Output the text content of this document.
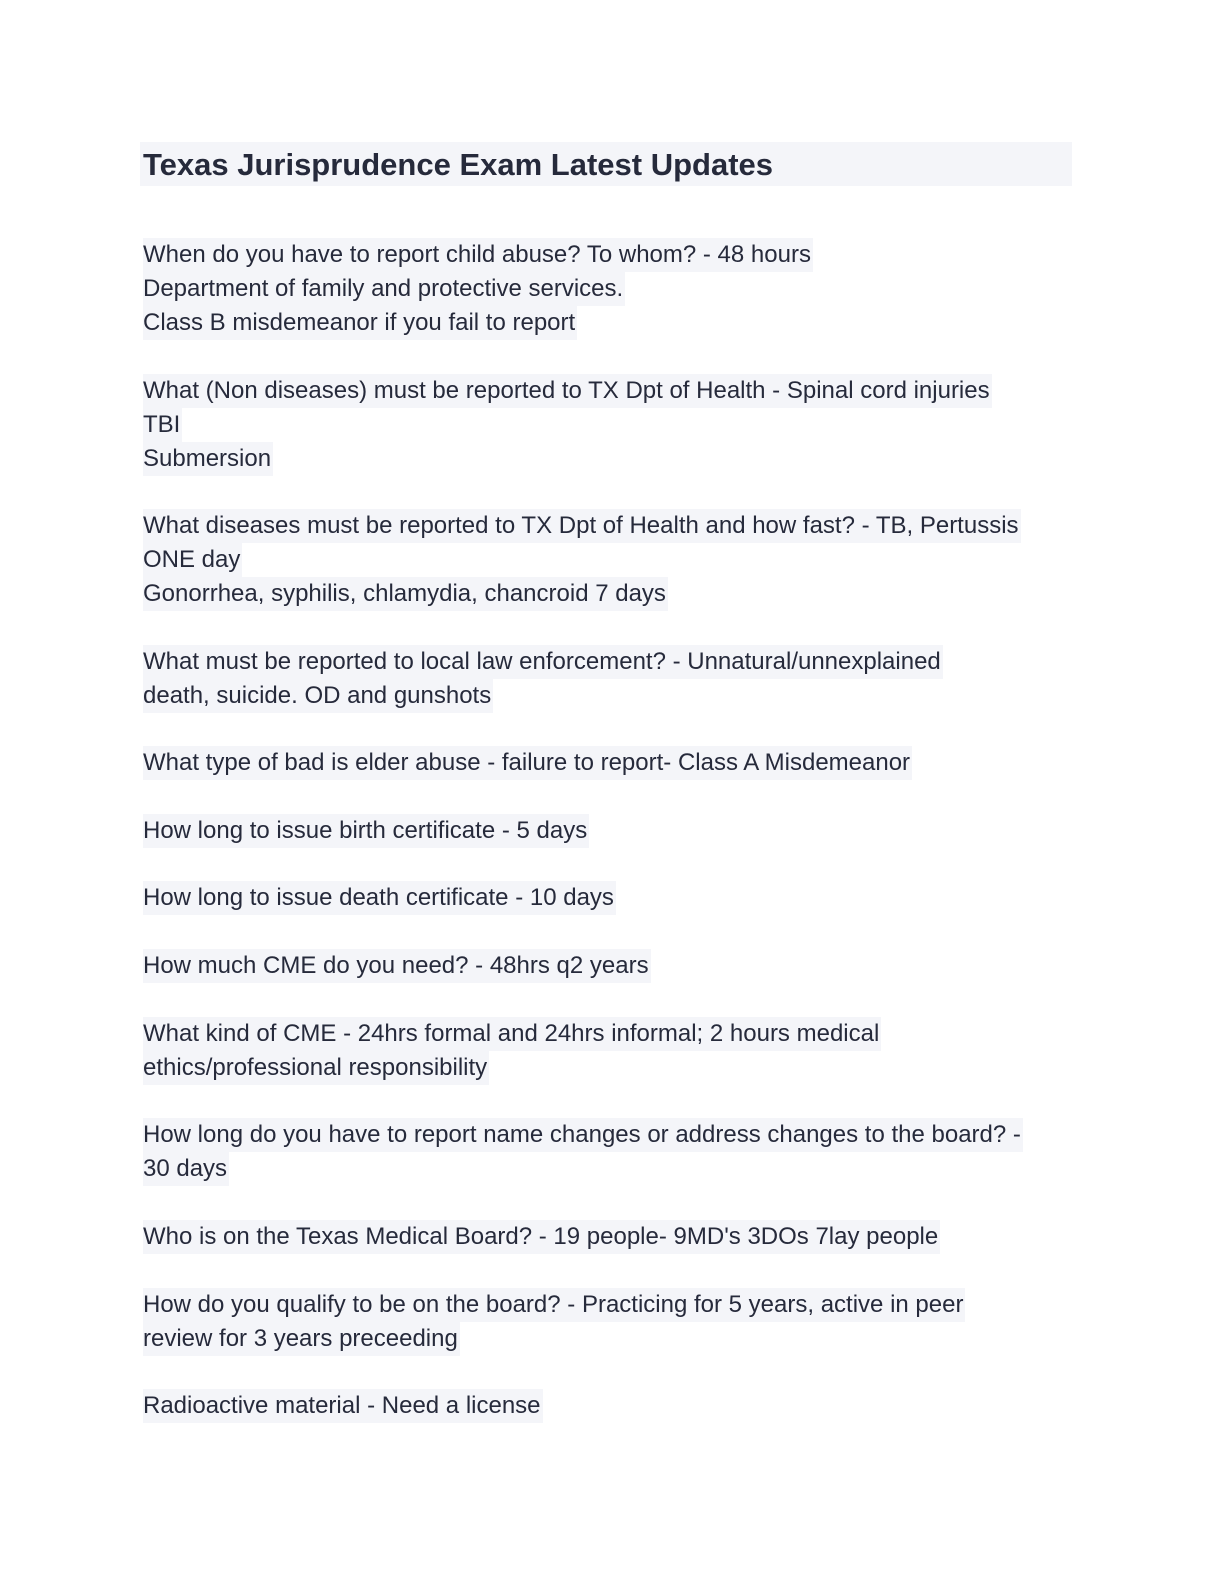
Texas Jurisprudence Exam Latest Updates
When do you have to report child abuse? To whom? - 48 hours
Department of family and protective services.
Class B misdemeanor if you fail to report
What (Non diseases) must be reported to TX Dpt of Health - Spinal cord injuries
TBI
Submersion
What diseases must be reported to TX Dpt of Health and how fast? - TB, Pertussis
ONE day
Gonorrhea, syphilis, chlamydia, chancroid 7 days
What must be reported to local law enforcement? - Unnatural/unnexplained
death, suicide. OD and gunshots
What type of bad is elder abuse - failure to report- Class A Misdemeanor
How long to issue birth certificate - 5 days
How long to issue death certificate - 10 days
How much CME do you need? - 48hrs q2 years
What kind of CME - 24hrs formal and 24hrs informal; 2 hours medical
ethics/professional responsibility
How long do you have to report name changes or address changes to the board? -
30 days
Who is on the Texas Medical Board? - 19 people- 9MD's 3DOs 7lay people
How do you qualify to be on the board? - Practicing for 5 years, active in peer
review for 3 years preceeding
Radioactive material - Need a license
